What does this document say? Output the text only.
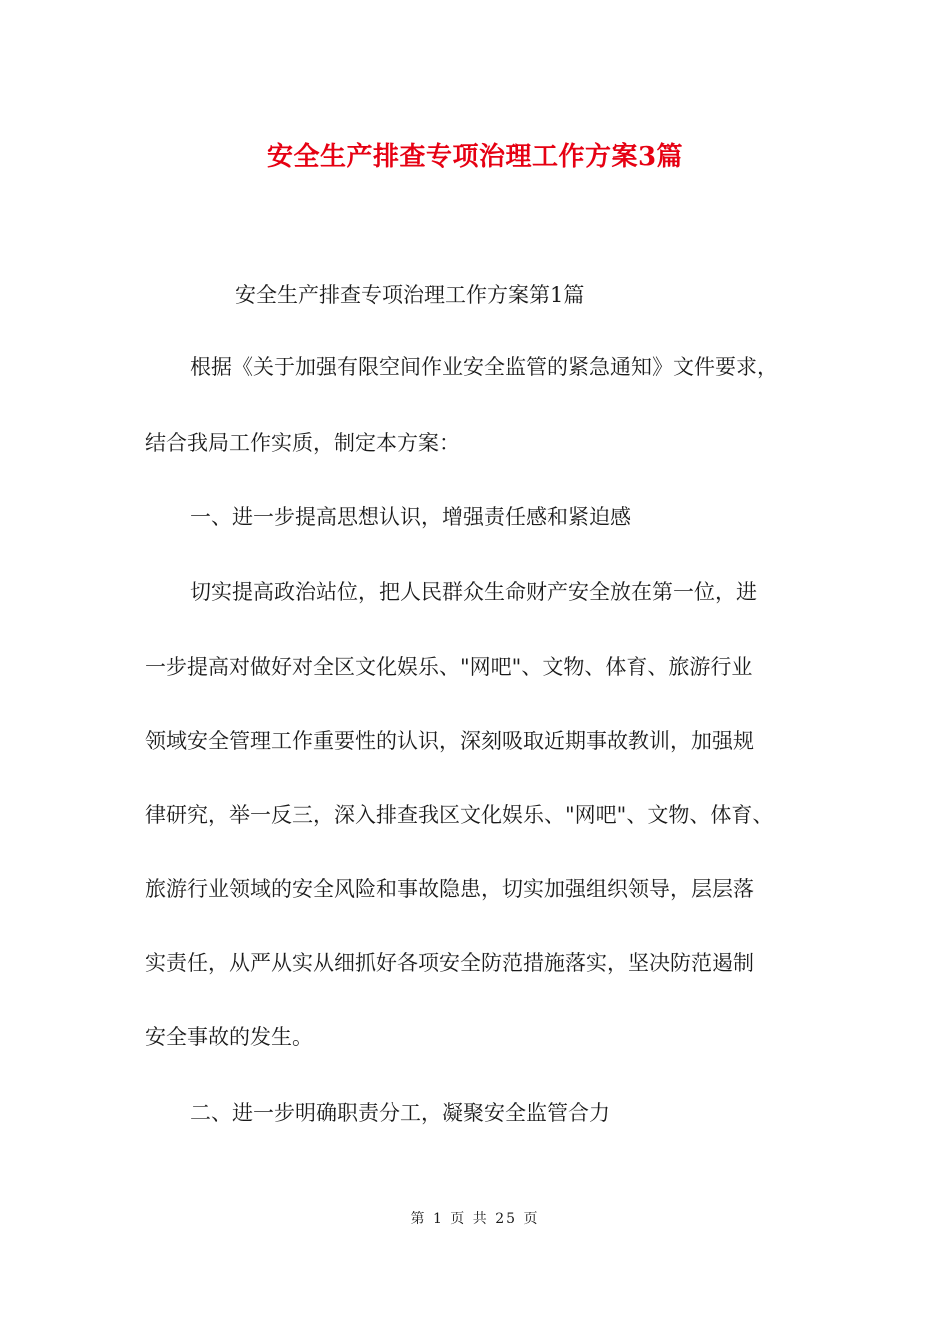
安全生产排查专项治理工作方案3篇

安全生产排查专项治理工作方案第1篇

根据《关于加强有限空间作业安全监管的紧急通知》文件要求，

结合我局工作实质，制定本方案：

一、进一步提高思想认识，增强责任感和紧迫感

切实提高政治站位，把人民群众生命财产安全放在第一位，进

一步提高对做好对全区文化娱乐、"网吧"、文物、体育、旅游行业

领域安全管理工作重要性的认识，深刻吸取近期事故教训，加强规

律研究，举一反三，深入排查我区文化娱乐、"网吧"、文物、体育、

旅游行业领域的安全风险和事故隐患，切实加强组织领导，层层落

实责任，从严从实从细抓好各项安全防范措施落实，坚决防范遏制

安全事故的发生。

二、进一步明确职责分工，凝聚安全监管合力

第 1 页 共 25 页
